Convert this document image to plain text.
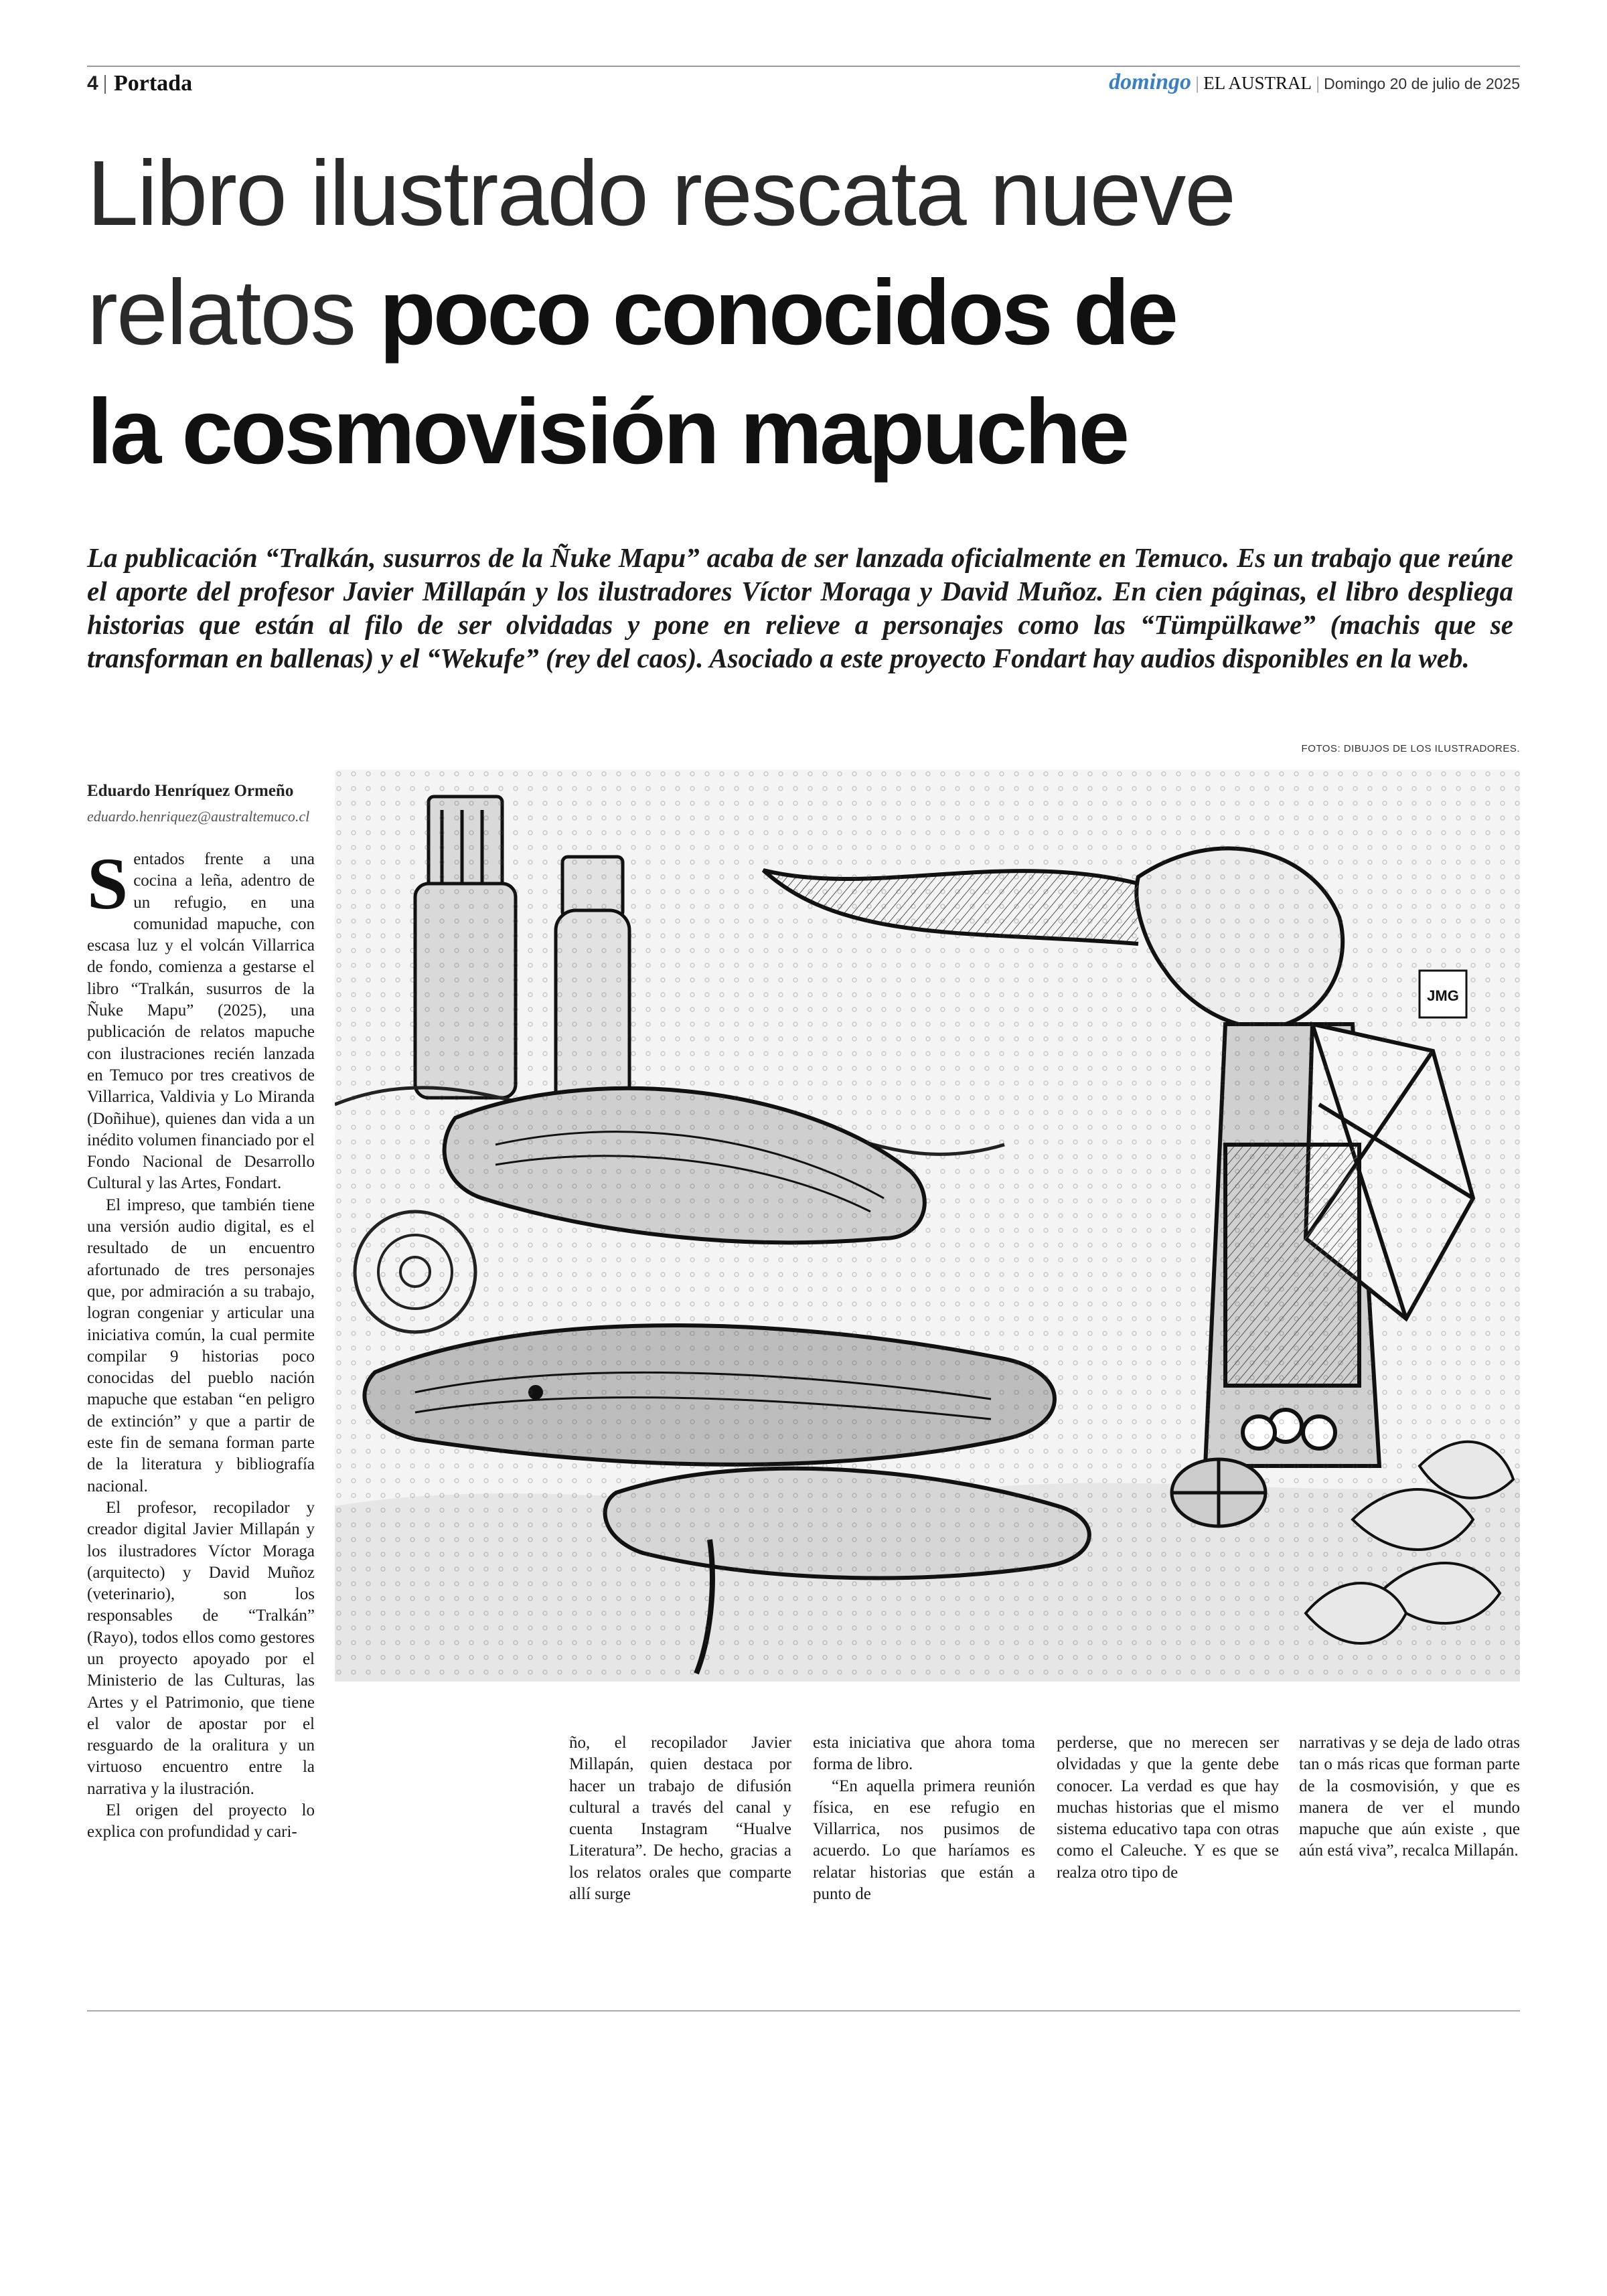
4 Portada	domingo | EL AUSTRAL | Domingo 20 de julio de 2025
Libro ilustrado rescata nueve
relatos poco conocidos de
la cosmovisión mapuche
La publicación “Tralkán, susurros de la Ñuke Mapu” acaba de ser lanzada oficialmente en Temuco. Es un trabajo que reúne el aporte del profesor Javier Millapán y los ilustradores Víctor Moraga y David Muñoz. En cien páginas, el libro despliega historias que están al filo de ser olvidadas y pone en relieve a personajes como las “Tümpülkawe” (machis que se transforman en ballenas) y el “Wekufe” (rey del caos). Asociado a este proyecto Fondart hay audios disponibles en la web.
FOTOS: DIBUJOS DE LOS ILUSTRADORES.
Eduardo Henríquez Ormeño
eduardo.henriquez@australtemuco.cl
JMG

Sentados frente a una cocina a leña, adentro de un refugio, en una comunidad mapuche, con escasa luz y el volcán Villarrica de fondo, comienza a gestarse el libro “Tralkán, susurros de la Ñuke Mapu” (2025), una publicación de relatos mapuche con ilustraciones recién lanzada en Temuco por tres creativos de Villarrica, Valdivia y Lo Miranda (Doñihue), quienes dan vida a un inédito volumen financiado por el Fondo Nacional de Desarrollo Cultural y las Artes, Fondart.

El impreso, que también tiene una versión audio digital, es el resultado de un encuentro afortunado de tres personajes que, por admiración a su trabajo, logran congeniar y articular una iniciativa común, la cual permite compilar 9 historias poco conocidas del pueblo nación mapuche que estaban “en peligro de extinción” y que a partir de este fin de semana forman parte de la literatura y bibliografía nacional.

El profesor, recopilador y creador digital Javier Millapán y los ilustradores Víctor Moraga (arquitecto) y David Muñoz (veterinario), son los responsables de “Tralkán” (Rayo), todos ellos como gestores un proyecto apoyado por el Ministerio de las Culturas, las Artes y el Patrimonio, que tiene el valor de apostar por el resguardo de la oralitura y un virtuoso encuentro entre la narrativa y la ilustración.

El origen del proyecto lo explica con profundidad y cari-

ño, el recopilador Javier Millapán, quien destaca por hacer un trabajo de difusión cultural a través del canal y cuenta Instagram “Hualve Literatura”. De hecho, gracias a los relatos orales que comparte allí surge

esta iniciativa que ahora toma forma de libro.

“En aquella primera reunión física, en ese refugio en Villarrica, nos pusimos de acuerdo. Lo que haríamos es relatar historias que están a punto de

perderse, que no merecen ser olvidadas y que la gente debe conocer. La verdad es que hay muchas historias que el mismo sistema educativo tapa con otras como el Caleuche. Y es que se realza otro tipo de

narrativas y se deja de lado otras tan o más ricas que forman parte de la cosmovisión, y que es manera de ver el mundo mapuche que aún existe , que aún está viva”, recalca Millapán.
